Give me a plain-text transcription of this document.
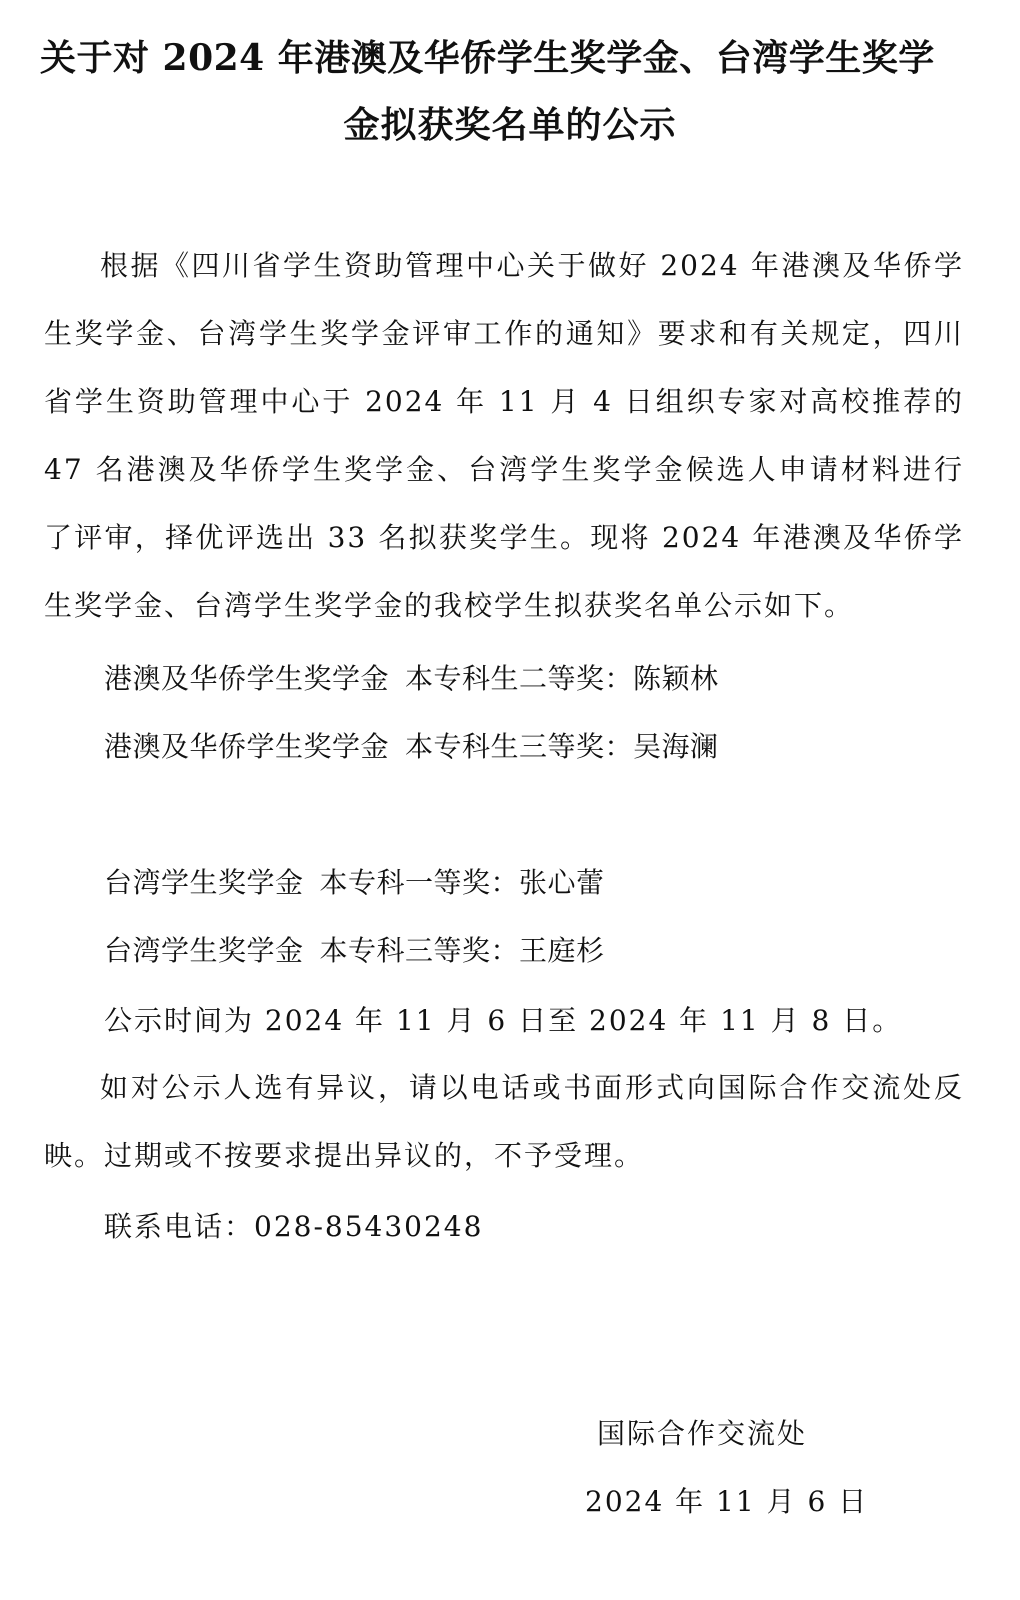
关于对 2024 年港澳及华侨学生奖学金、台湾学生奖学
金拟获奖名单的公示

根据《四川省学生资助管理中心关于做好 2024 年港澳及华侨学生奖学金、台湾学生奖学金评审工作的通知》要求和有关规定，四川省学生资助管理中心于 2024 年 11 月 4 日组织专家对高校推荐的 47 名港澳及华侨学生奖学金、台湾学生奖学金候选人申请材料进行了评审，择优评选出 33 名拟获奖学生。现将 2024 年港澳及华侨学生奖学金、台湾学生奖学金的我校学生拟获奖名单公示如下。

港澳及华侨学生奖学金 本专科生二等奖：陈颖林

港澳及华侨学生奖学金 本专科生三等奖：吴海澜

台湾学生奖学金 本专科一等奖：张心蕾

台湾学生奖学金 本专科三等奖：王庭杉

公示时间为 2024 年 11 月 6 日至 2024 年 11 月 8 日。

如对公示人选有异议，请以电话或书面形式向国际合作交流处反映。过期或不按要求提出异议的，不予受理。

联系电话：028-85430248

国际合作交流处

2024 年 11 月 6 日
